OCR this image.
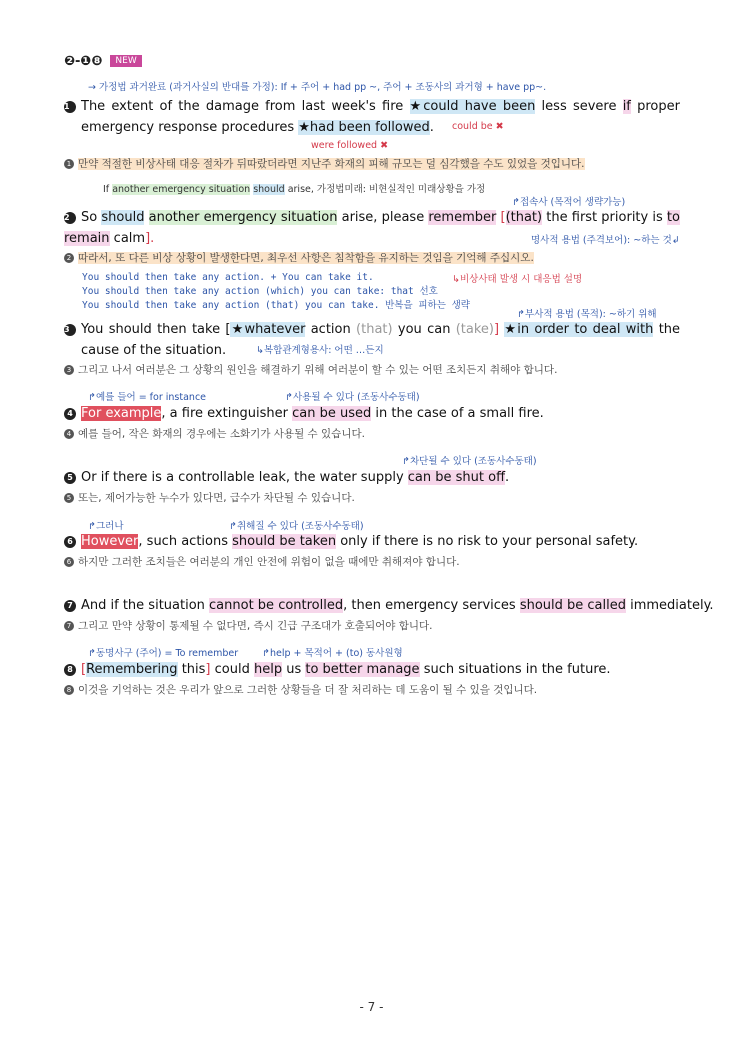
❷-❶❽ NEW
→ 가정법 과거완료 (과거사실의 반대를 가정): If + 주어 + had pp ~, 주어 + 조동사의 과거형 + have pp~.
1 The extent of the damage from last week's fire ★could have been less severe if proper
emergency response procedures ★had been followed.	could be ✖
were followed ✖
1 만약 적절한 비상사태 대응 절차가 뒤따랐더라면 지난주 화재의 피해 규모는 덜 심각했을 수도 있었을 것입니다.
If another emergency situation should arise, 가정법미래: 비현실적인 미래상황을 가정
↱접속사 (목적어 생략가능)
2 So should another emergency situation arise, please remember [(that) the first priority is to
remain calm].	명사적 용법 (주격보어): ~하는 것↲
2 따라서, 또 다른 비상 상황이 발생한다면, 최우선 사항은 침착함을 유지하는 것임을 기억해 주십시오.
You should then take any action. + You can take it.
You should then take any action (which) you can take: that 선호
You should then take any action (that) you can take. 반복을 피하는 생략
↳비상사태 발생 시 대응법 설명
↱부사적 용법 (목적): ~하기 위해
3 You should then take [★whatever action (that) you can (take)] ★in order to deal with the
cause of the situation.	↳복합관계형용사: 어떤 …든지
3 그리고 나서 여러분은 그 상황의 원인을 해결하기 위해 여러분이 할 수 있는 어떤 조치든지 취해야 합니다.
↱예를 들어 = for instance	↱사용될 수 있다 (조동사수동태)
4 For example, a fire extinguisher can be used in the case of a small fire.
4 예를 들어, 작은 화재의 경우에는 소화기가 사용될 수 있습니다.
↱차단될 수 있다 (조동사수동태)
5 Or if there is a controllable leak, the water supply can be shut off.
5 또는, 제어가능한 누수가 있다면, 급수가 차단될 수 있습니다.
↱그러나	↱취해질 수 있다 (조동사수동태)
6 However, such actions should be taken only if there is no risk to your personal safety.
6 하지만 그러한 조치들은 여러분의 개인 안전에 위험이 없을 때에만 취해져야 합니다.
7 And if the situation cannot be controlled, then emergency services should be called immediately.
7 그리고 만약 상황이 통제될 수 없다면, 즉시 긴급 구조대가 호출되어야 합니다.
↱동명사구 (주어) = To remember	↱help + 목적어 + (to) 동사원형
8 [Remembering this] could help us to better manage such situations in the future.
8 이것을 기억하는 것은 우리가 앞으로 그러한 상황들을 더 잘 처리하는 데 도움이 될 수 있을 것입니다.
- 7 -
